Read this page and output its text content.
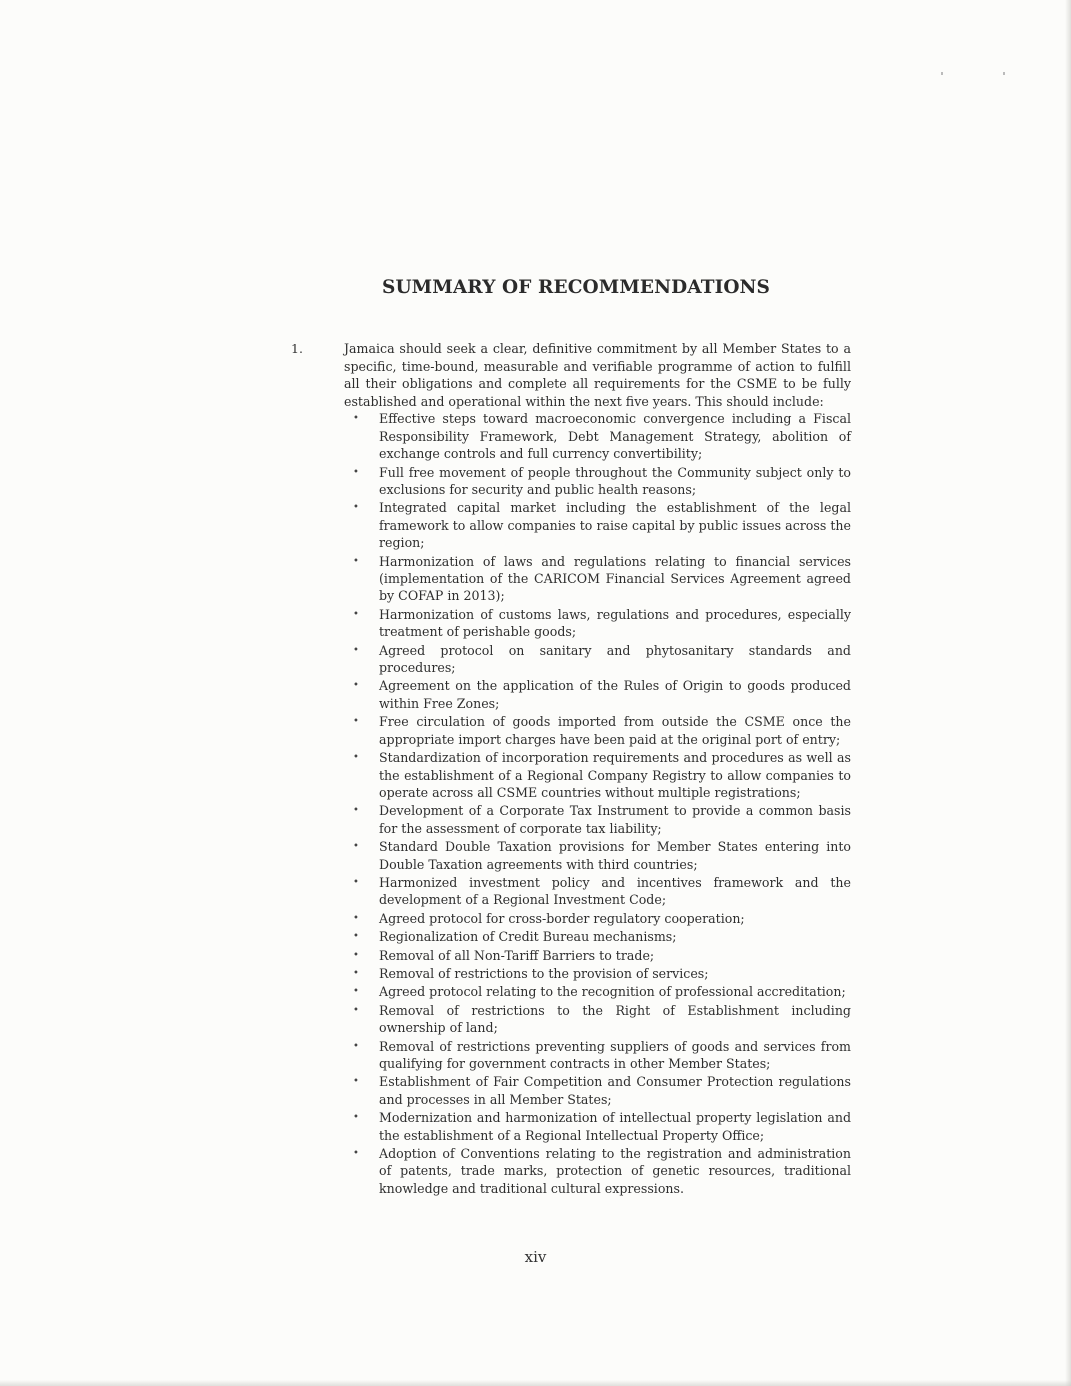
SUMMARY OF RECOMMENDATIONS
1.	Jamaica should seek a clear, definitive commitment by all Member States to a specific, time-bound, measurable and verifiable programme of action to fulfill all their obligations and complete all requirements for the CSME to be fully established and operational within the next five years. This should include:

• Effective steps toward macroeconomic convergence including a Fiscal Responsibility Framework, Debt Management Strategy, abolition of exchange controls and full currency convertibility;
• Full free movement of people throughout the Community subject only to exclusions for security and public health reasons;
• Integrated capital market including the establishment of the legal framework to allow companies to raise capital by public issues across the region;
• Harmonization of laws and regulations relating to financial services (implementation of the CARICOM Financial Services Agreement agreed by COFAP in 2013);
• Harmonization of customs laws, regulations and procedures, especially treatment of perishable goods;
• Agreed protocol on sanitary and phytosanitary standards and procedures;
• Agreement on the application of the Rules of Origin to goods produced within Free Zones;
• Free circulation of goods imported from outside the CSME once the appropriate import charges have been paid at the original port of entry;
• Standardization of incorporation requirements and procedures as well as the establishment of a Regional Company Registry to allow companies to operate across all CSME countries without multiple registrations;
• Development of a Corporate Tax Instrument to provide a common basis for the assessment of corporate tax liability;
• Standard Double Taxation provisions for Member States entering into Double Taxation agreements with third countries;
• Harmonized investment policy and incentives framework and the development of a Regional Investment Code;
• Agreed protocol for cross-border regulatory cooperation;
• Regionalization of Credit Bureau mechanisms;
• Removal of all Non-Tariff Barriers to trade;
• Removal of restrictions to the provision of services;
• Agreed protocol relating to the recognition of professional accreditation;
• Removal of restrictions to the Right of Establishment including ownership of land;
• Removal of restrictions preventing suppliers of goods and services from qualifying for government contracts in other Member States;
• Establishment of Fair Competition and Consumer Protection regulations and processes in all Member States;
• Modernization and harmonization of intellectual property legislation and the establishment of a Regional Intellectual Property Office;
• Adoption of Conventions relating to the registration and administration of patents, trade marks, protection of genetic resources, traditional knowledge and traditional cultural expressions.
xiv
